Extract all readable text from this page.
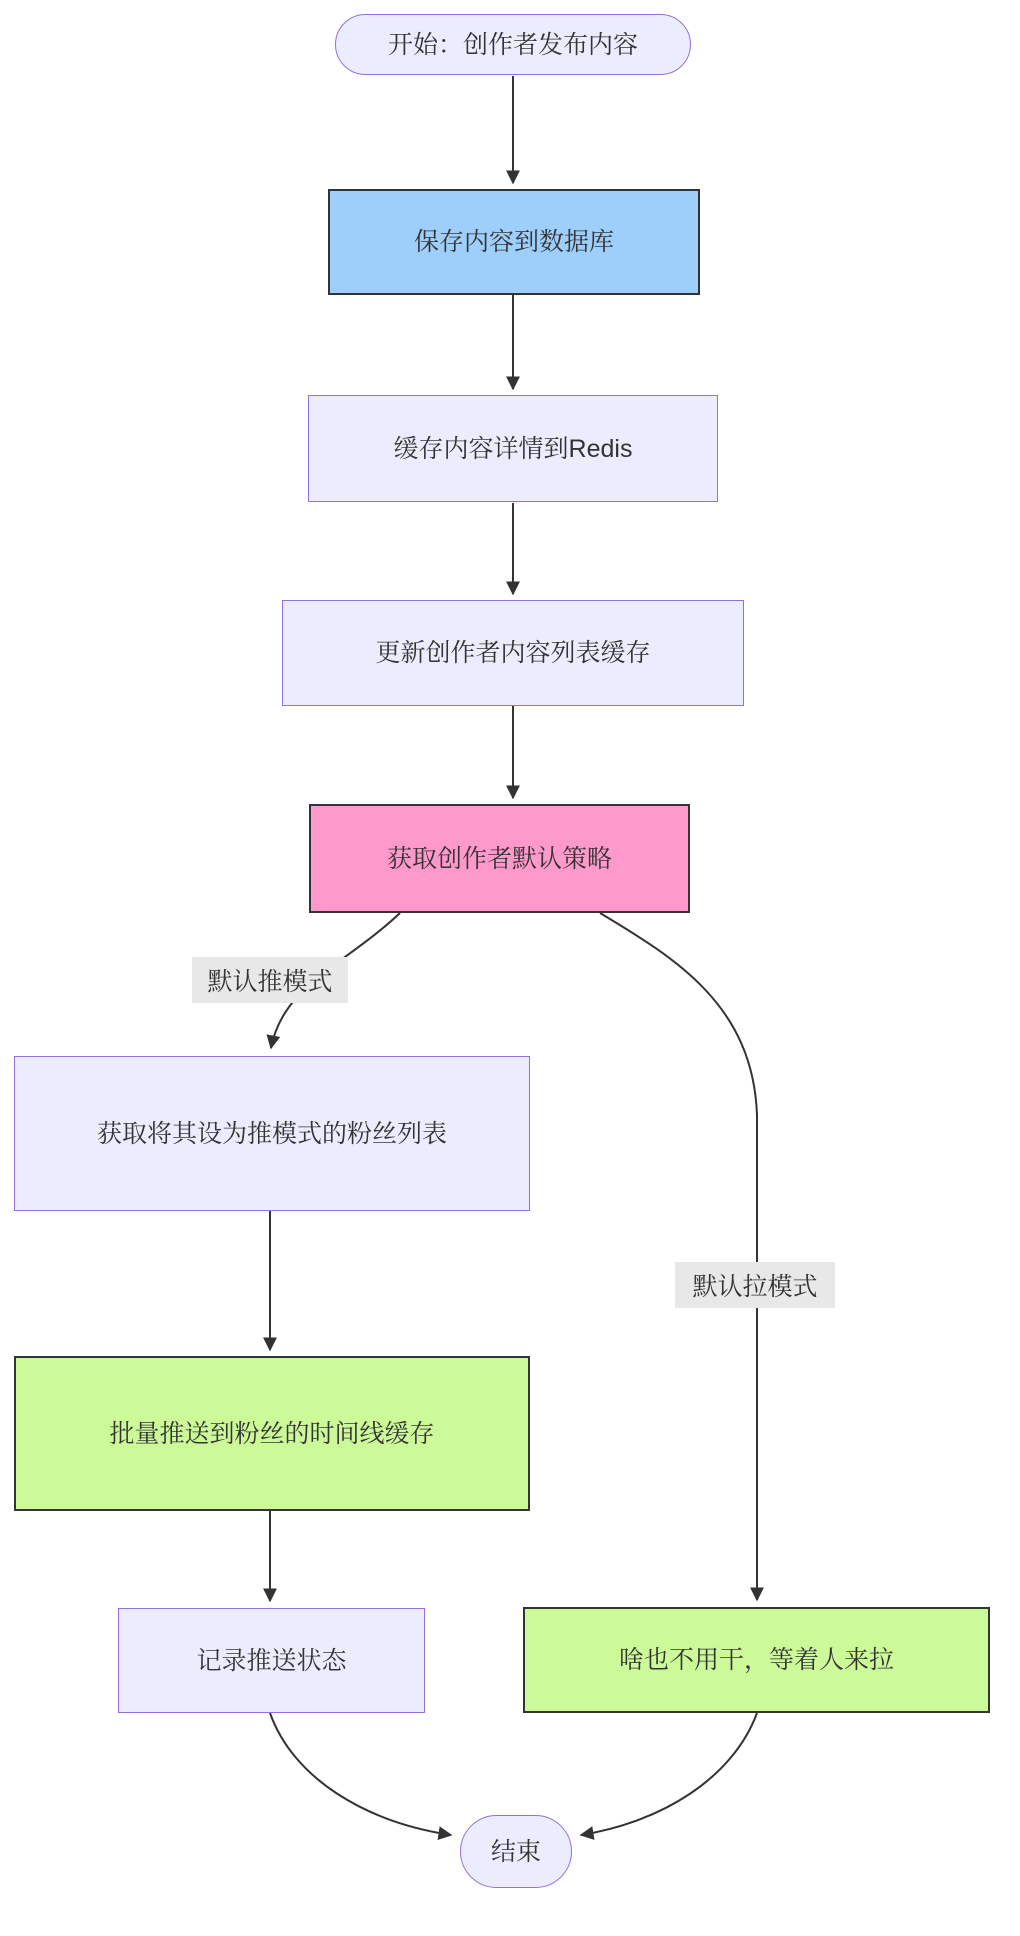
默认推模式
默认拉模式
开始：创作者发布内容
保存内容到数据库
缓存内容详情到Redis
更新创作者内容列表缓存
获取创作者默认策略
获取将其设为推模式的粉丝列表
批量推送到粉丝的时间线缓存
记录推送状态	啥也不用干，等着人来拉
结束
